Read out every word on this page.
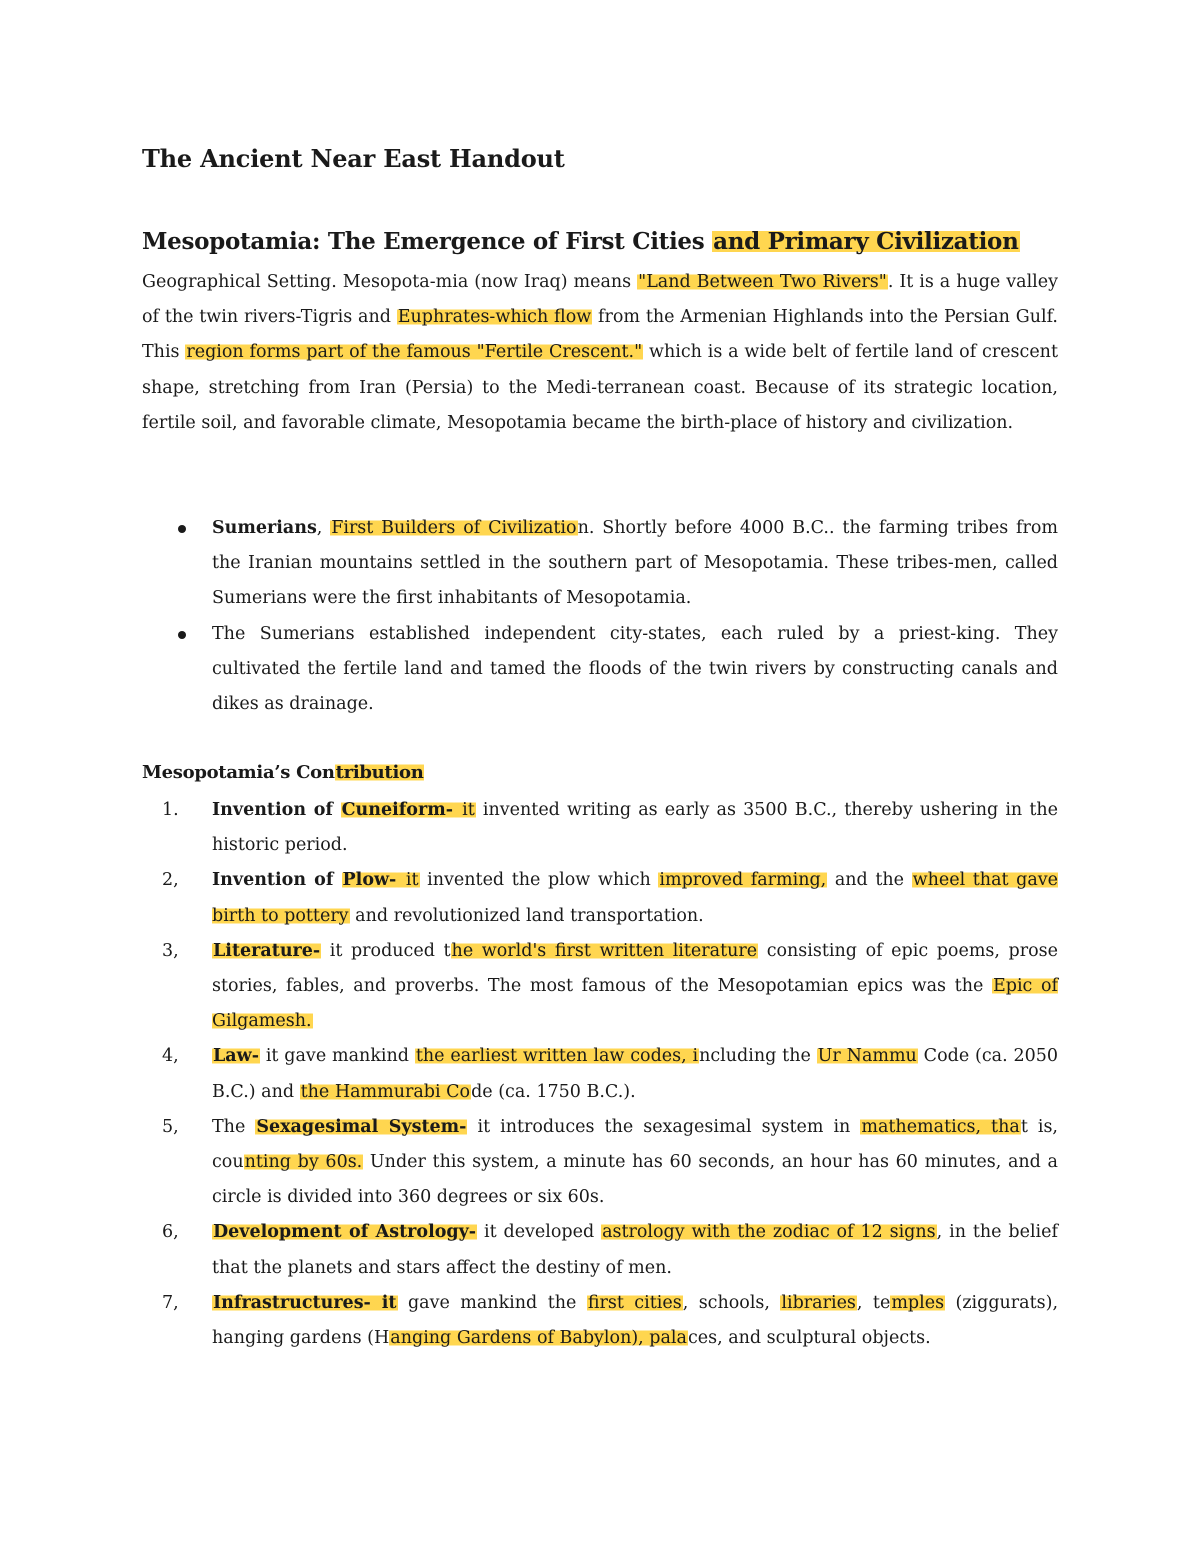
The Ancient Near East Handout
Mesopotamia: The Emergence of First Cities and Primary Civilization

Geographical Setting. Mesopota-mia (now Iraq) means "Land Between Two Rivers". It is a huge valley of the twin rivers-Tigris and Euphrates-which flow from the Armenian Highlands into the Persian Gulf. This region forms part of the famous "Fertile Crescent." which is a wide belt of fertile land of crescent shape, stretching from Iran (Persia) to the Medi-terranean coast. Because of its strategic location, fertile soil, and favorable climate, Mesopotamia became the birth-place of history and civilization.

Sumerians, First Builders of Civilization. Shortly before 4000 B.C.. the farming tribes from the Iranian mountains settled in the southern part of Mesopotamia. These tribes-men, called Sumerians were the first inhabitants of Mesopotamia.
The Sumerians established independent city-states, each ruled by a priest-king. They cultivated the fertile land and tamed the floods of the twin rivers by constructing canals and dikes as drainage.
Mesopotamia’s Contribution
1. Invention of Cuneiform- it invented writing as early as 3500 B.C., thereby ushering in the historic period.
2, Invention of Plow- it invented the plow which improved farming, and the wheel that gave birth to pottery and revolutionized land transportation.
3, Literature- it produced the world's first written literature consisting of epic poems, prose stories, fables, and proverbs. The most famous of the Mesopotamian epics was the Epic of Gilgamesh.
4, Law- it gave mankind the earliest written law codes, including the Ur Nammu Code (ca. 2050 B.C.) and the Hammurabi Code (ca. 1750 B.C.).
5, The Sexagesimal System- it introduces the sexagesimal system in mathematics, that is, counting by 60s. Under this system, a minute has 60 seconds, an hour has 60 minutes, and a circle is divided into 360 degrees or six 60s.
6, Development of Astrology- it developed astrology with the zodiac of 12 signs, in the belief that the planets and stars affect the destiny of men.
7, Infrastructures- it gave mankind the first cities, schools, libraries, temples (ziggurats), hanging gardens (Hanging Gardens of Babylon), palaces, and sculptural objects.
